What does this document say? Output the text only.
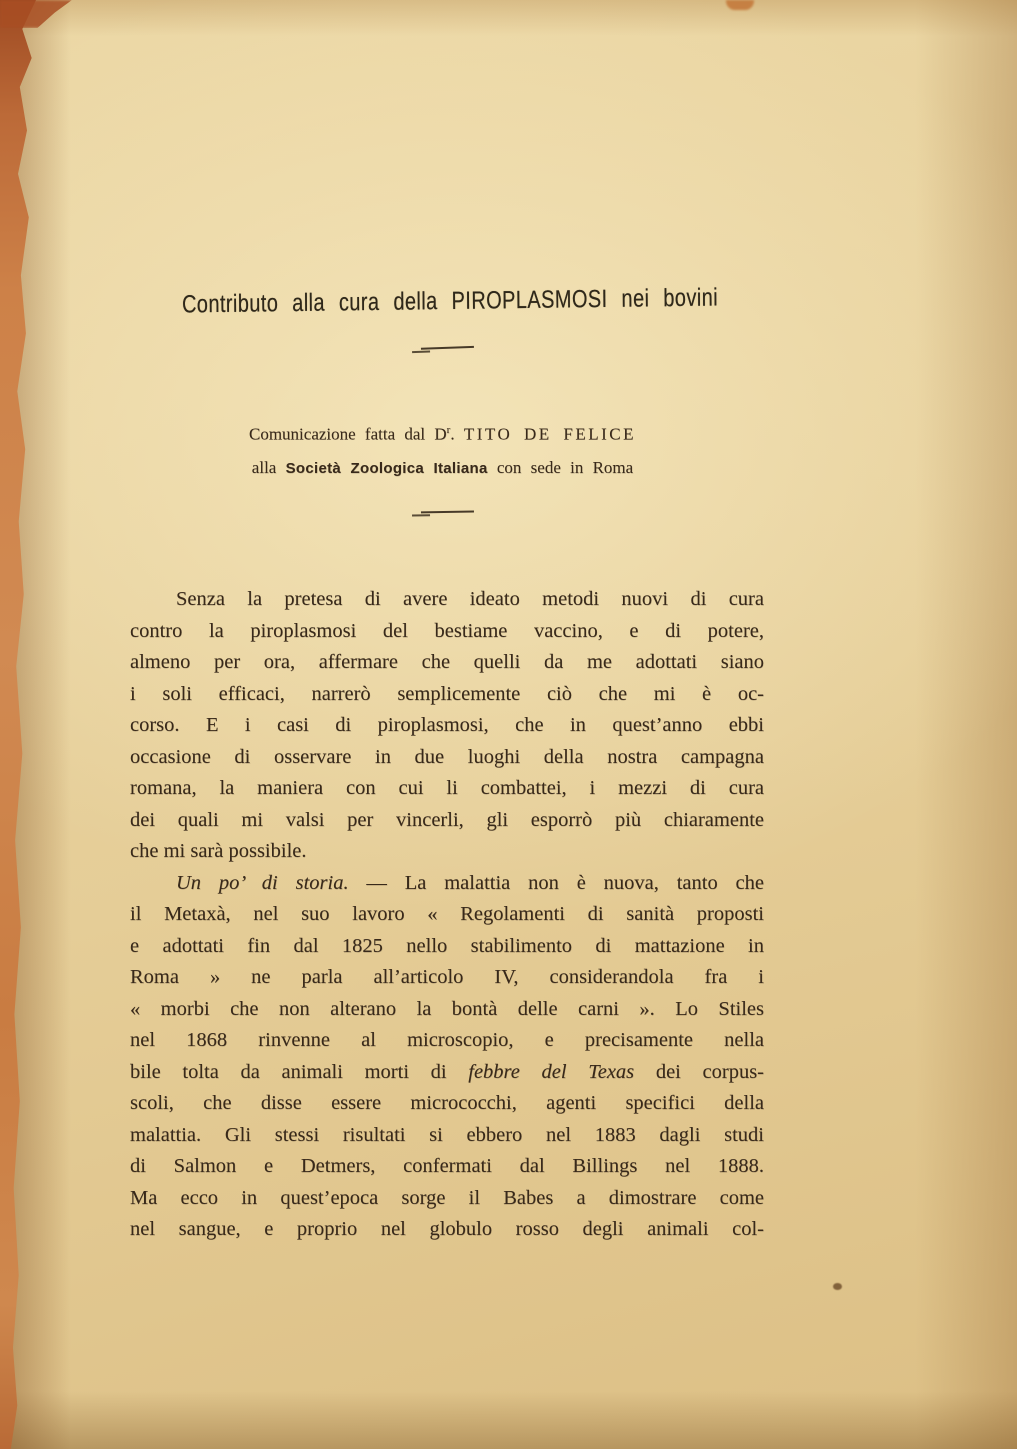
Contributo alla cura della PIROPLASMOSI nei bovini

Comunicazione fatta dal $D^r$. TITO DE FELICE

alla Società Zoologica Italiana con sede in Roma

Senza la pretesa di avere ideato metodi nuovi di cura
contro la piroplasmosi del bestiame vaccino, e di potere,
almeno per ora, affermare che quelli da me adottati siano
i soli efficaci, narrerò semplicemente ciò che mi è oc-
corso. E i casi di piroplasmosi, che in quest’anno ebbi
occasione di osservare in due luoghi della nostra campagna
romana, la maniera con cui li combattei, i mezzi di cura
dei quali mi valsi per vincerli, gli esporrò più chiaramente
che mi sarà possibile.
Un po’ di storia. — La malattia non è nuova, tanto che
il Metaxà, nel suo lavoro « Regolamenti di sanità proposti
e adottati fin dal 1825 nello stabilimento di mattazione in
Roma » ne parla all’articolo IV, considerandola fra i
« morbi che non alterano la bontà delle carni ». Lo Stiles
nel 1868 rinvenne al microscopio, e precisamente nella
bile tolta da animali morti di febbre del Texas dei corpus-
scoli, che disse essere micrococchi, agenti specifici della
malattia. Gli stessi risultati si ebbero nel 1883 dagli studi
di Salmon e Detmers, confermati dal Billings nel 1888.
Ma ecco in quest’epoca sorge il Babes a dimostrare come
nel sangue, e proprio nel globulo rosso degli animali col-
